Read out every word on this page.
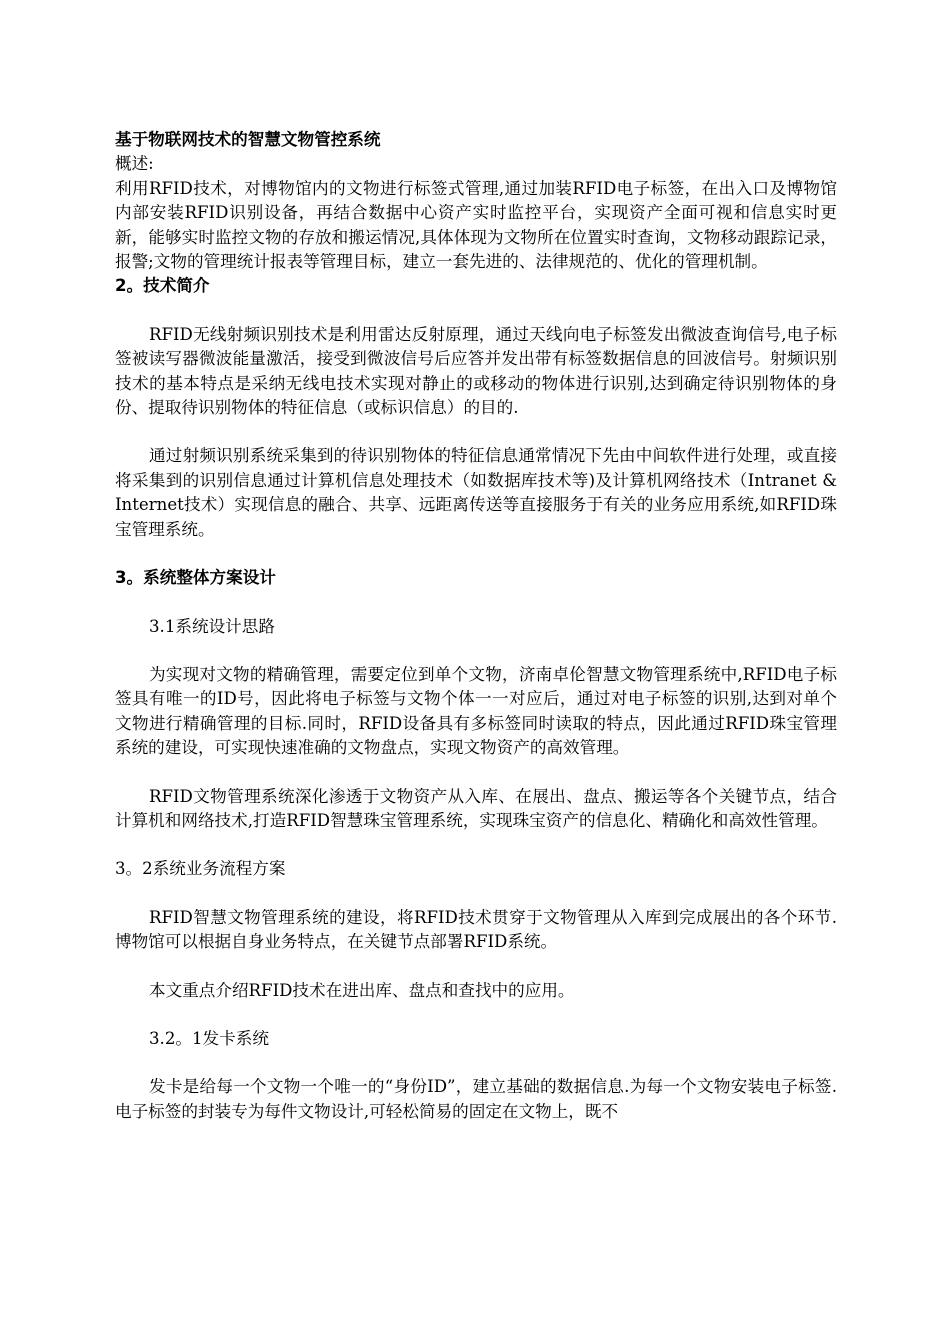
基于物联网技术的智慧文物管控系统

概述:

利用RFID技术，对博物馆内的文物进行标签式管理,通过加装RFID电子标签，在出入口及博物馆内部安装RFID识别设备，再结合数据中心资产实时监控平台，实现资产全面可视和信息实时更新，能够实时监控文物的存放和搬运情况,具体体现为文物所在位置实时查询，文物移动跟踪记录，报警;文物的管理统计报表等管理目标，建立一套先进的、法律规范的、优化的管理机制。

2。技术简介

RFID无线射频识别技术是利用雷达反射原理，通过天线向电子标签发出微波查询信号,电子标签被读写器微波能量激活，接受到微波信号后应答并发出带有标签数据信息的回波信号。射频识别技术的基本特点是采纳无线电技术实现对静止的或移动的物体进行识别,达到确定待识别物体的身份、提取待识别物体的特征信息（或标识信息）的目的.

通过射频识别系统采集到的待识别物体的特征信息通常情况下先由中间软件进行处理，或直接将采集到的识别信息通过计算机信息处理技术（如数据库技术等)及计算机网络技术（Intranet & Internet技术）实现信息的融合、共享、远距离传送等直接服务于有关的业务应用系统,如RFID珠宝管理系统。

3。系统整体方案设计

3.1系统设计思路

为实现对文物的精确管理，需要定位到单个文物，济南卓伦智慧文物管理系统中,RFID电子标签具有唯一的ID号，因此将电子标签与文物个体一一对应后，通过对电子标签的识别,达到对单个文物进行精确管理的目标.同时，RFID设备具有多标签同时读取的特点，因此通过RFID珠宝管理系统的建设，可实现快速准确的文物盘点，实现文物资产的高效管理。

RFID文物管理系统深化渗透于文物资产从入库、在展出、盘点、搬运等各个关键节点，结合计算机和网络技术,打造RFID智慧珠宝管理系统，实现珠宝资产的信息化、精确化和高效性管理。

3。2系统业务流程方案

RFID智慧文物管理系统的建设，将RFID技术贯穿于文物管理从入库到完成展出的各个环节.博物馆可以根据自身业务特点，在关键节点部署RFID系统。

本文重点介绍RFID技术在进出库、盘点和查找中的应用。

3.2。1发卡系统

发卡是给每一个文物一个唯一的“身份ID”，建立基础的数据信息.为每一个文物安装电子标签.电子标签的封装专为每件文物设计,可轻松简易的固定在文物上，既不
